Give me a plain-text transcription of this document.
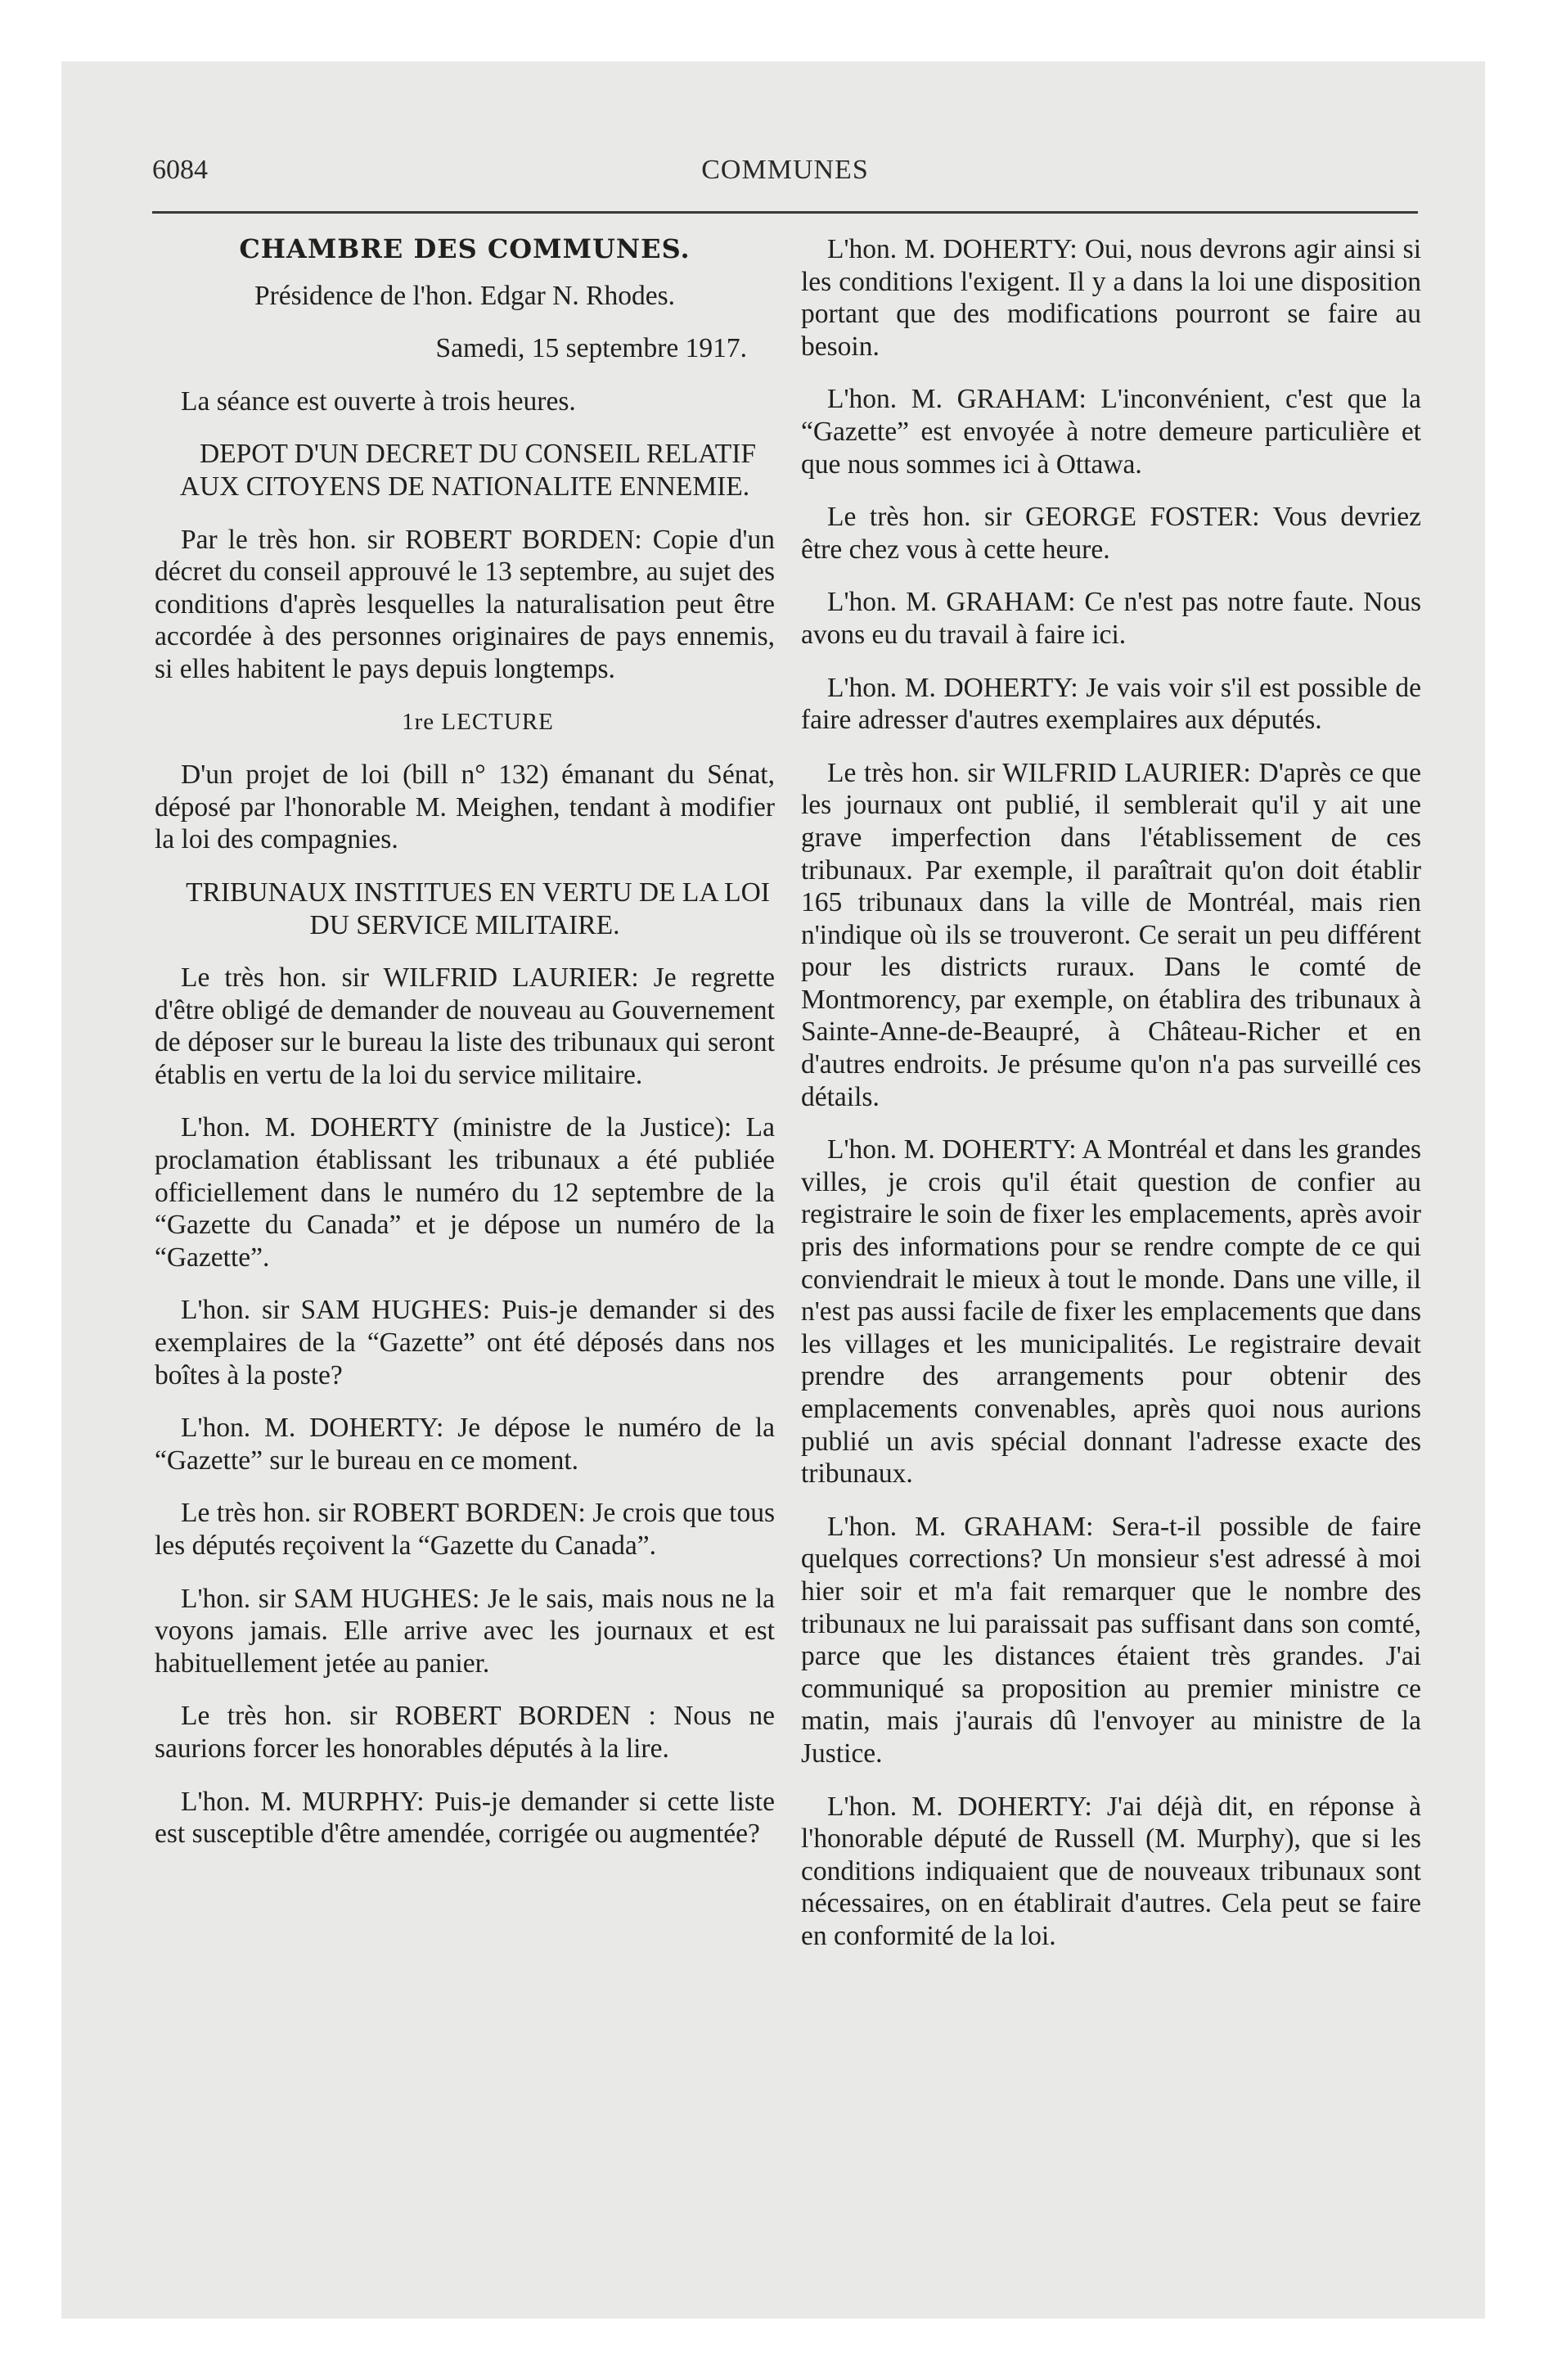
6084	COMMUNES

CHAMBRE DES COMMUNES.

Présidence de l'hon. Edgar N. Rhodes.

Samedi, 15 septembre 1917.

La séance est ouverte à trois heures.

DEPOT D'UN DECRET DU CONSEIL RELATIF AUX CITOYENS DE NATIONALITE ENNEMIE.

Par le très hon. sir ROBERT BORDEN: Copie d'un décret du conseil approuvé le 13 septembre, au sujet des conditions d'après lesquelles la naturalisation peut être accordée à des personnes originaires de pays ennemis, si elles habitent le pays depuis longtemps.

1re LECTURE

D'un projet de loi (bill n° 132) émanant du Sénat, déposé par l'honorable M. Meighen, tendant à modifier la loi des compagnies.

TRIBUNAUX INSTITUES EN VERTU DE LA LOI DU SERVICE MILITAIRE.

Le très hon. sir WILFRID LAURIER: Je regrette d'être obligé de demander de nouveau au Gouvernement de déposer sur le bureau la liste des tribunaux qui seront établis en vertu de la loi du service militaire.

L'hon. M. DOHERTY (ministre de la Justice): La proclamation établissant les tribunaux a été publiée officiellement dans le numéro du 12 septembre de la “Gazette du Canada” et je dépose un numéro de la “Gazette”.

L'hon. sir SAM HUGHES: Puis-je demander si des exemplaires de la “Gazette” ont été déposés dans nos boîtes à la poste?

L'hon. M. DOHERTY: Je dépose le numéro de la “Gazette” sur le bureau en ce moment.

Le très hon. sir ROBERT BORDEN: Je crois que tous les députés reçoivent la “Gazette du Canada”.

L'hon. sir SAM HUGHES: Je le sais, mais nous ne la voyons jamais. Elle arrive avec les journaux et est habituellement jetée au panier.

Le très hon. sir ROBERT BORDEN : Nous ne saurions forcer les honorables députés à la lire.

L'hon. M. MURPHY: Puis-je demander si cette liste est susceptible d'être amendée, corrigée ou augmentée?

L'hon. M. DOHERTY: Oui, nous devrons agir ainsi si les conditions l'exigent. Il y a dans la loi une disposition portant que des modifications pourront se faire au besoin.

L'hon. M. GRAHAM: L'inconvénient, c'est que la “Gazette” est envoyée à notre demeure particulière et que nous sommes ici à Ottawa.

Le très hon. sir GEORGE FOSTER: Vous devriez être chez vous à cette heure.

L'hon. M. GRAHAM: Ce n'est pas notre faute. Nous avons eu du travail à faire ici.

L'hon. M. DOHERTY: Je vais voir s'il est possible de faire adresser d'autres exemplaires aux députés.

Le très hon. sir WILFRID LAURIER: D'après ce que les journaux ont publié, il semblerait qu'il y ait une grave imperfection dans l'établissement de ces tribunaux. Par exemple, il paraîtrait qu'on doit établir 165 tribunaux dans la ville de Montréal, mais rien n'indique où ils se trouveront. Ce serait un peu différent pour les districts ruraux. Dans le comté de Montmorency, par exemple, on établira des tribunaux à Sainte-Anne-de-Beaupré, à Château-Richer et en d'autres endroits. Je présume qu'on n'a pas surveillé ces détails.

L'hon. M. DOHERTY: A Montréal et dans les grandes villes, je crois qu'il était question de confier au registraire le soin de fixer les emplacements, après avoir pris des informations pour se rendre compte de ce qui conviendrait le mieux à tout le monde. Dans une ville, il n'est pas aussi facile de fixer les emplacements que dans les villages et les municipalités. Le registraire devait prendre des arrangements pour obtenir des emplacements convenables, après quoi nous aurions publié un avis spécial donnant l'adresse exacte des tribunaux.

L'hon. M. GRAHAM: Sera-t-il possible de faire quelques corrections? Un monsieur s'est adressé à moi hier soir et m'a fait remarquer que le nombre des tribunaux ne lui paraissait pas suffisant dans son comté, parce que les distances étaient très grandes. J'ai communiqué sa proposition au premier ministre ce matin, mais j'aurais dû l'envoyer au ministre de la Justice.

L'hon. M. DOHERTY: J'ai déjà dit, en réponse à l'honorable député de Russell (M. Murphy), que si les conditions indiquaient que de nouveaux tribunaux sont nécessaires, on en établirait d'autres. Cela peut se faire en conformité de la loi.
